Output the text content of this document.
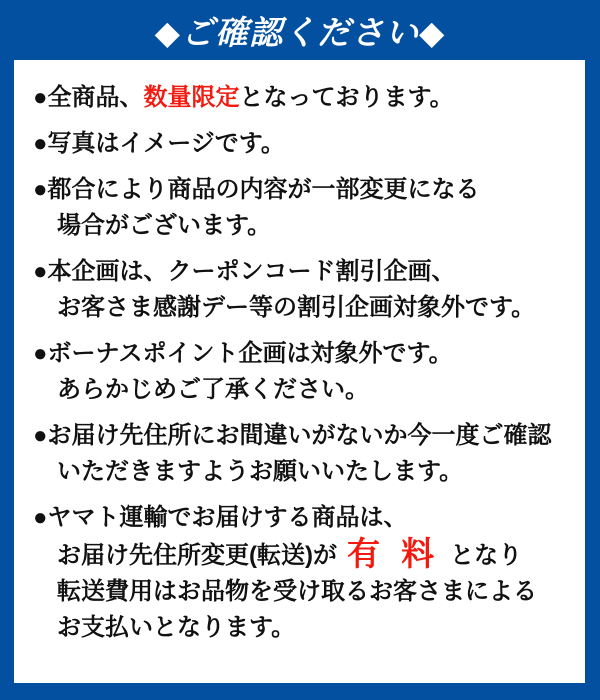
◆ご確認ください◆
●全商品、数量限定となっております。
●写真はイメージです。
●都合により商品の内容が一部変更になる
場合がございます。
●本企画は、クーポンコード割引企画、
お客さま感謝デー等の割引企画対象外です。
●ボーナスポイント企画は対象外です。
あらかじめご了承ください。
●お届け先住所にお間違いがないか今一度ご確認
いただきますようお願いいたします。
●ヤマト運輸でお届けする商品は、
お届け先住所変更(転送)が 有 料 となり
転送費用はお品物を受け取るお客さまによる
お支払いとなります。
